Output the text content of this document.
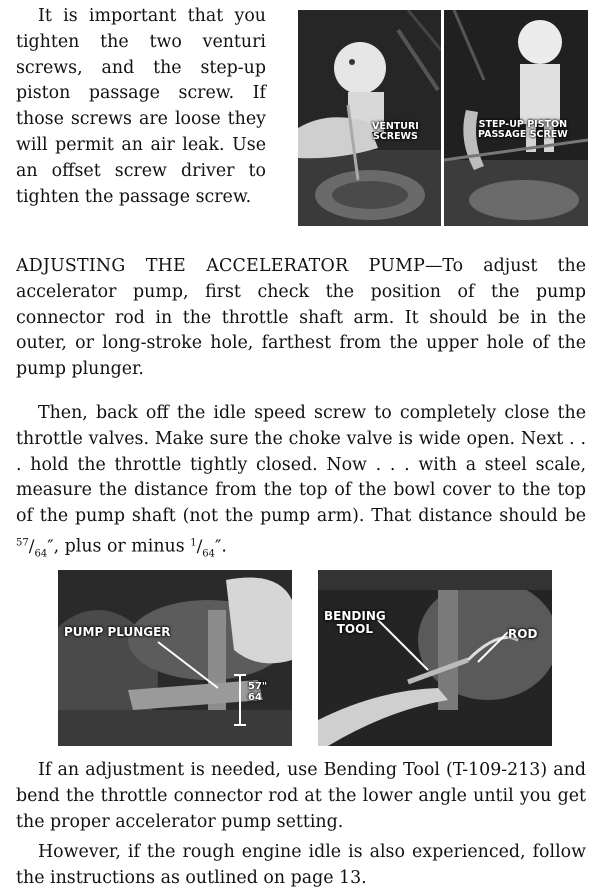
It is important that you tighten the two venturi screws, and the step-up piston passage screw. If those screws are loose they will permit an air leak. Use an offset screw driver to tighten the passage screw.
VENTURI
SCREWS
STEP-UP PISTON
PASSAGE SCREW
ADJUSTING THE ACCELERATOR PUMP—To adjust the accelerator pump, first check the position of the pump connector rod in the throttle shaft arm. It should be in the outer, or long-stroke hole, farthest from the upper hole of the pump plunger.
Then, back off the idle speed screw to completely close the throttle valves. Make sure the choke valve is wide open. Next . . . hold the throttle tightly closed. Now . . . with a steel scale, measure the distance from the top of the bowl cover to the top of the pump shaft (not the pump arm). That distance should be $^{57}/_{64}''$, plus or minus $^1/_{64}''$.
PUMP PLUNGER
57"
64
BENDING
TOOL	ROD
If an adjustment is needed, use Bending Tool (T-109-213) and bend the throttle connector rod at the lower angle until you get the proper accelerator pump setting.
However, if the rough engine idle is also experienced, follow the instructions as outlined on page 13.
